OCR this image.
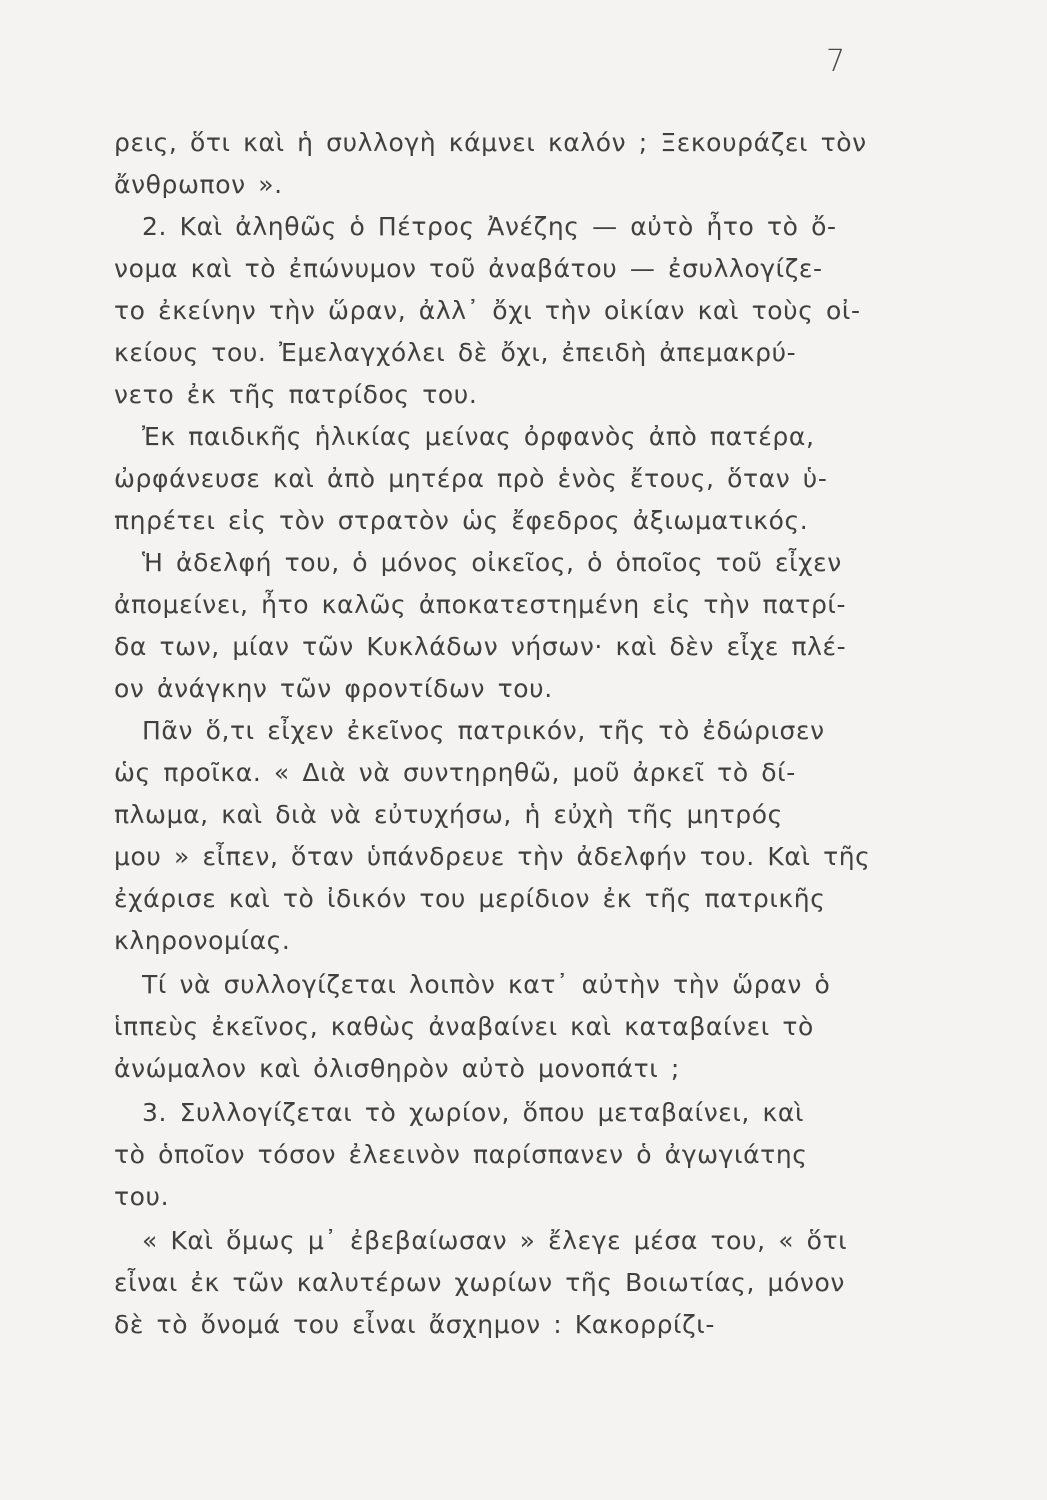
7
ρεις, ὅτι καὶ ἡ συλλογὴ κάμνει καλόν ; Ξεκουράζει τὸν
ἄνθρωπον ».
2. Καὶ ἀληθῶς ὁ Πέτρος Ἀνέζης — αὐτὸ ἦτο τὸ ὄ-
νομα καὶ τὸ ἐπώνυμον τοῦ ἀναβάτου — ἐσυλλογίζε-
το ἐκείνην τὴν ὥραν, ἀλλ᾽ ὄχι τὴν οἰκίαν καὶ τοὺς οἰ-
κείους του. Ἐμελαγχόλει δὲ ὄχι, ἐπειδὴ ἀπεμακρύ-
νετο ἐκ τῆς πατρίδος του.
Ἐκ παιδικῆς ἡλικίας μείνας ὀρφανὸς ἀπὸ πατέρα,
ὠρφάνευσε καὶ ἀπὸ μητέρα πρὸ ἑνὸς ἔτους, ὅταν ὑ-
πηρέτει εἰς τὸν στρατὸν ὡς ἔφεδρος ἀξιωματικός.
Ἡ ἀδελφή του, ὁ μόνος οἰκεῖος, ὁ ὁποῖος τοῦ εἶχεν
ἀπομείνει, ἦτο καλῶς ἀποκατεστημένη εἰς τὴν πατρί-
δα των, μίαν τῶν Κυκλάδων νήσων· καὶ δὲν εἶχε πλέ-
ον ἀνάγκην τῶν φροντίδων του.
Πᾶν ὅ,τι εἶχεν ἐκεῖνος πατρικόν, τῆς τὸ ἐδώρισεν
ὡς προῖκα. « Διὰ νὰ συντηρηθῶ, μοῦ ἀρκεῖ τὸ δί-
πλωμα, καὶ διὰ νὰ εὐτυχήσω, ἡ εὐχὴ τῆς μητρός
μου » εἶπεν, ὅταν ὑπάνδρευε τὴν ἀδελφήν του. Καὶ τῆς
ἐχάρισε καὶ τὸ ἰδικόν του μερίδιον ἐκ τῆς πατρικῆς
κληρονομίας.
Τί νὰ συλλογίζεται λοιπὸν κατ᾽ αὐτὴν τὴν ὥραν ὁ
ἱππεὺς ἐκεῖνος, καθὼς ἀναβαίνει καὶ καταβαίνει τὸ
ἀνώμαλον καὶ ὀλισθηρὸν αὐτὸ μονοπάτι ;
3. Συλλογίζεται τὸ χωρίον, ὅπου μεταβαίνει, καὶ
τὸ ὁποῖον τόσον ἐλεεινὸν παρίσπανεν ὁ ἀγωγιάτης
του.
« Καὶ ὅμως μ᾽ ἐβεβαίωσαν » ἔλεγε μέσα του, « ὅτι
εἶναι ἐκ τῶν καλυτέρων χωρίων τῆς Βοιωτίας, μόνον
δὲ τὸ ὄνομά του εἶναι ἄσχημον : Κακορρίζι-
